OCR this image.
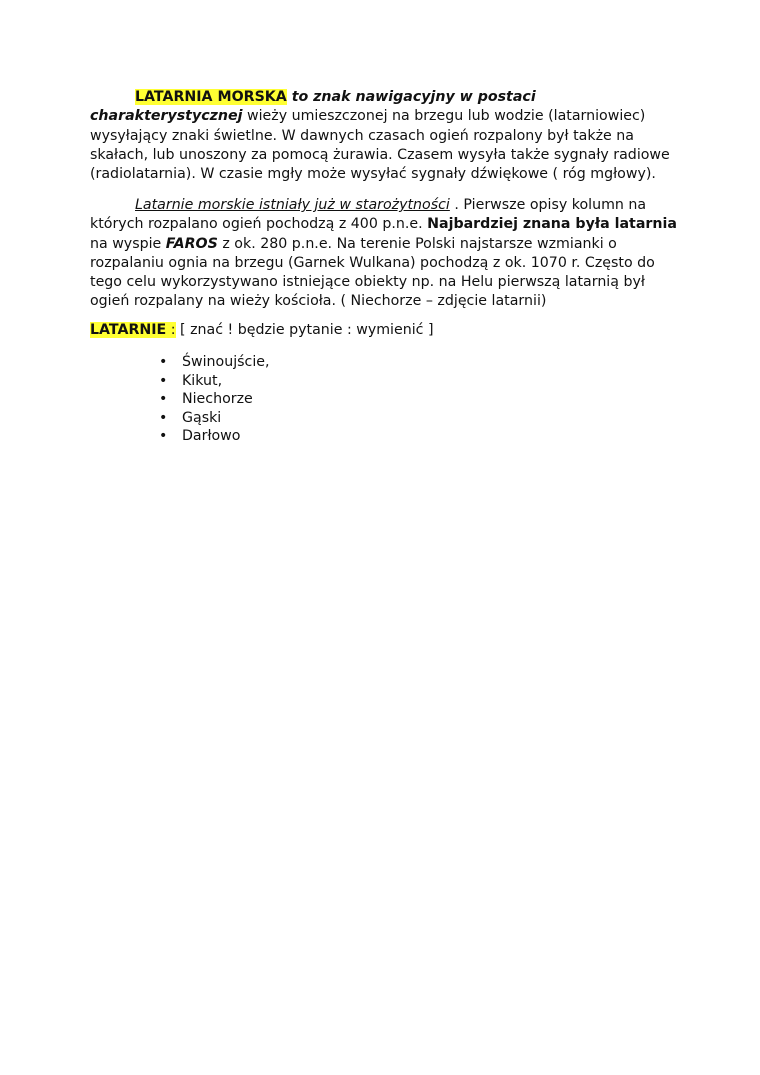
LATARNIA MORSKA to znak nawigacyjny w postaci charakterystycznej wieży umieszczonej na brzegu lub wodzie (latarniowiec) wysyłający znaki świetlne. W dawnych czasach ogień rozpalony był także na skałach, lub unoszony za pomocą żurawia. Czasem wysyła także sygnały radiowe (radiolatarnia). W czasie mgły może wysyłać sygnały dźwiękowe ( róg mgłowy).

Latarnie morskie istniały już w starożytności . Pierwsze opisy kolumn na których rozpalano ogień pochodzą z 400 p.n.e. Najbardziej znana była latarnia na wyspie FAROS z ok. 280 p.n.e. Na terenie Polski najstarsze wzmianki o rozpalaniu ognia na brzegu (Garnek Wulkana) pochodzą z ok. 1070 r. Często do tego celu wykorzystywano istniejące obiekty np. na Helu pierwszą latarnią był ogień rozpalany na wieży kościoła. ( Niechorze – zdjęcie latarnii)

LATARNIE : [ znać ! będzie pytanie : wymienić ]

• Świnoujście,
• Kikut,
• Niechorze
• Gąski
• Darłowo
